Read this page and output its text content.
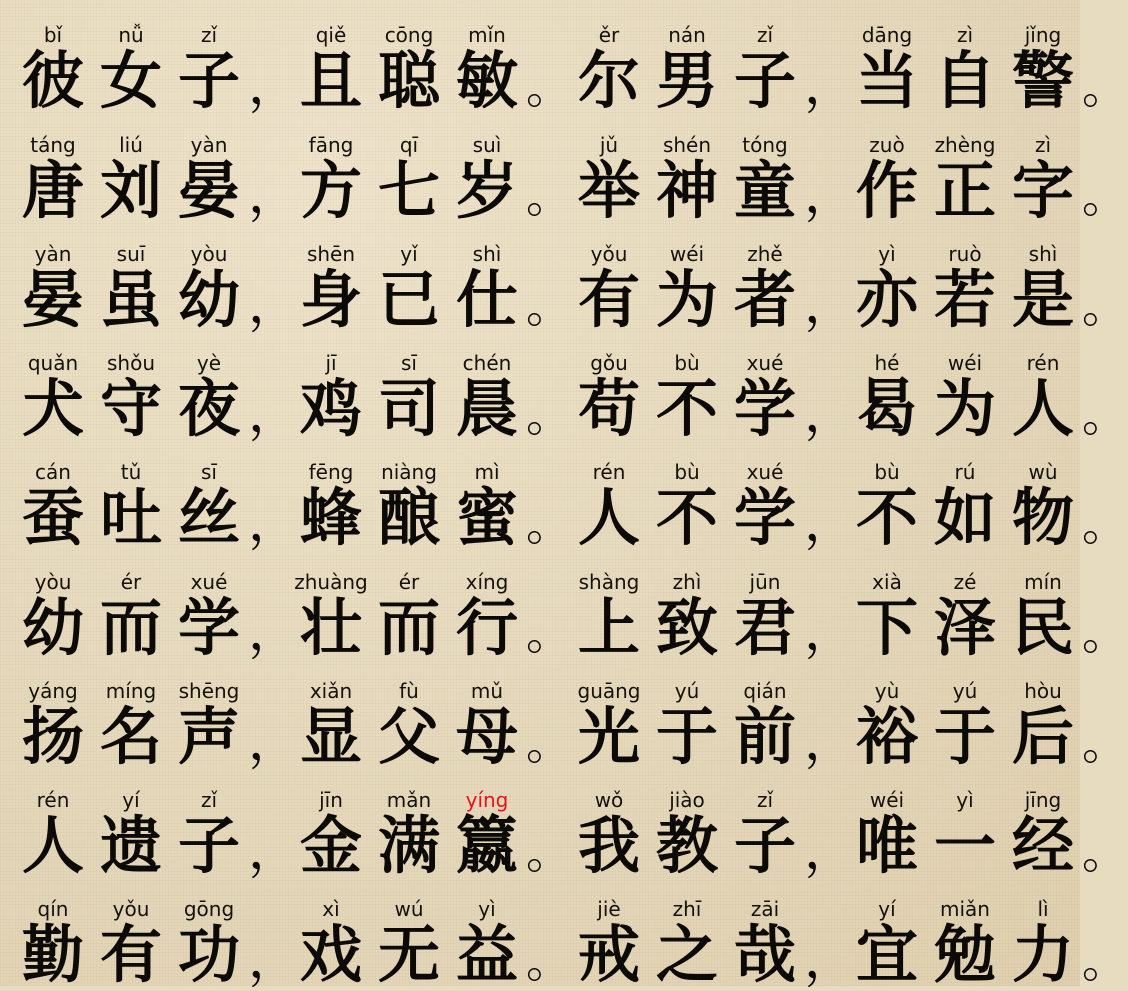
bǐ
彼
nǚ
女
zǐ
子 ，
qiě
且
cōng
聪
mǐn
敏 。
ěr
尔
nán
男
zǐ
子 ，
dāng
当
zì
自
jǐng
警 。
táng
唐
liú
刘
yàn
晏 ，
fāng
方
qī
七
suì
岁 。
jǔ
举
shén
神
tóng
童 ，
zuò
作
zhèng
正
zì
字 。
yàn
晏
suī
虽
yòu
幼 ，
shēn
身
yǐ
已
shì
仕 。
yǒu
有
wéi
为
zhě
者 ，
yì
亦
ruò
若
shì
是 。
quǎn
犬
shǒu
守
yè
夜 ，
jī
鸡
sī
司
chén
晨 。
gǒu
苟
bù
不
xué
学 ，
hé
曷
wéi
为
rén
人 。
cán
蚕
tǔ
吐
sī
丝 ，
fēng
蜂
niàng
酿
mì
蜜 。
rén
人
bù
不
xué
学 ，
bù
不
rú
如
wù
物 。
yòu
幼
ér
而
xué
学 ，
zhuàng
壮
ér
而
xíng
行 。
shàng
上
zhì
致
jūn
君 ，
xià
下
zé
泽
mín
民 。
yáng
扬
míng
名
shēng
声 ，
xiǎn
显
fù
父
mǔ
母 。
guāng
光
yú
于
qián
前 ，
yù
裕
yú
于
hòu
后 。
rén
人
yí
遗
zǐ
子 ，
jīn
金
mǎn
满
yíng
籝 。
wǒ
我
jiào
教
zǐ
子 ，
wéi
唯
yì
一
jīng
经 。
qín
勤
yǒu
有
gōng
功 ，
xì
戏
wú
无
yì
益 。
jiè
戒
zhī
之
zāi
哉 ，
yí
宜
miǎn
勉
lì
力 。
